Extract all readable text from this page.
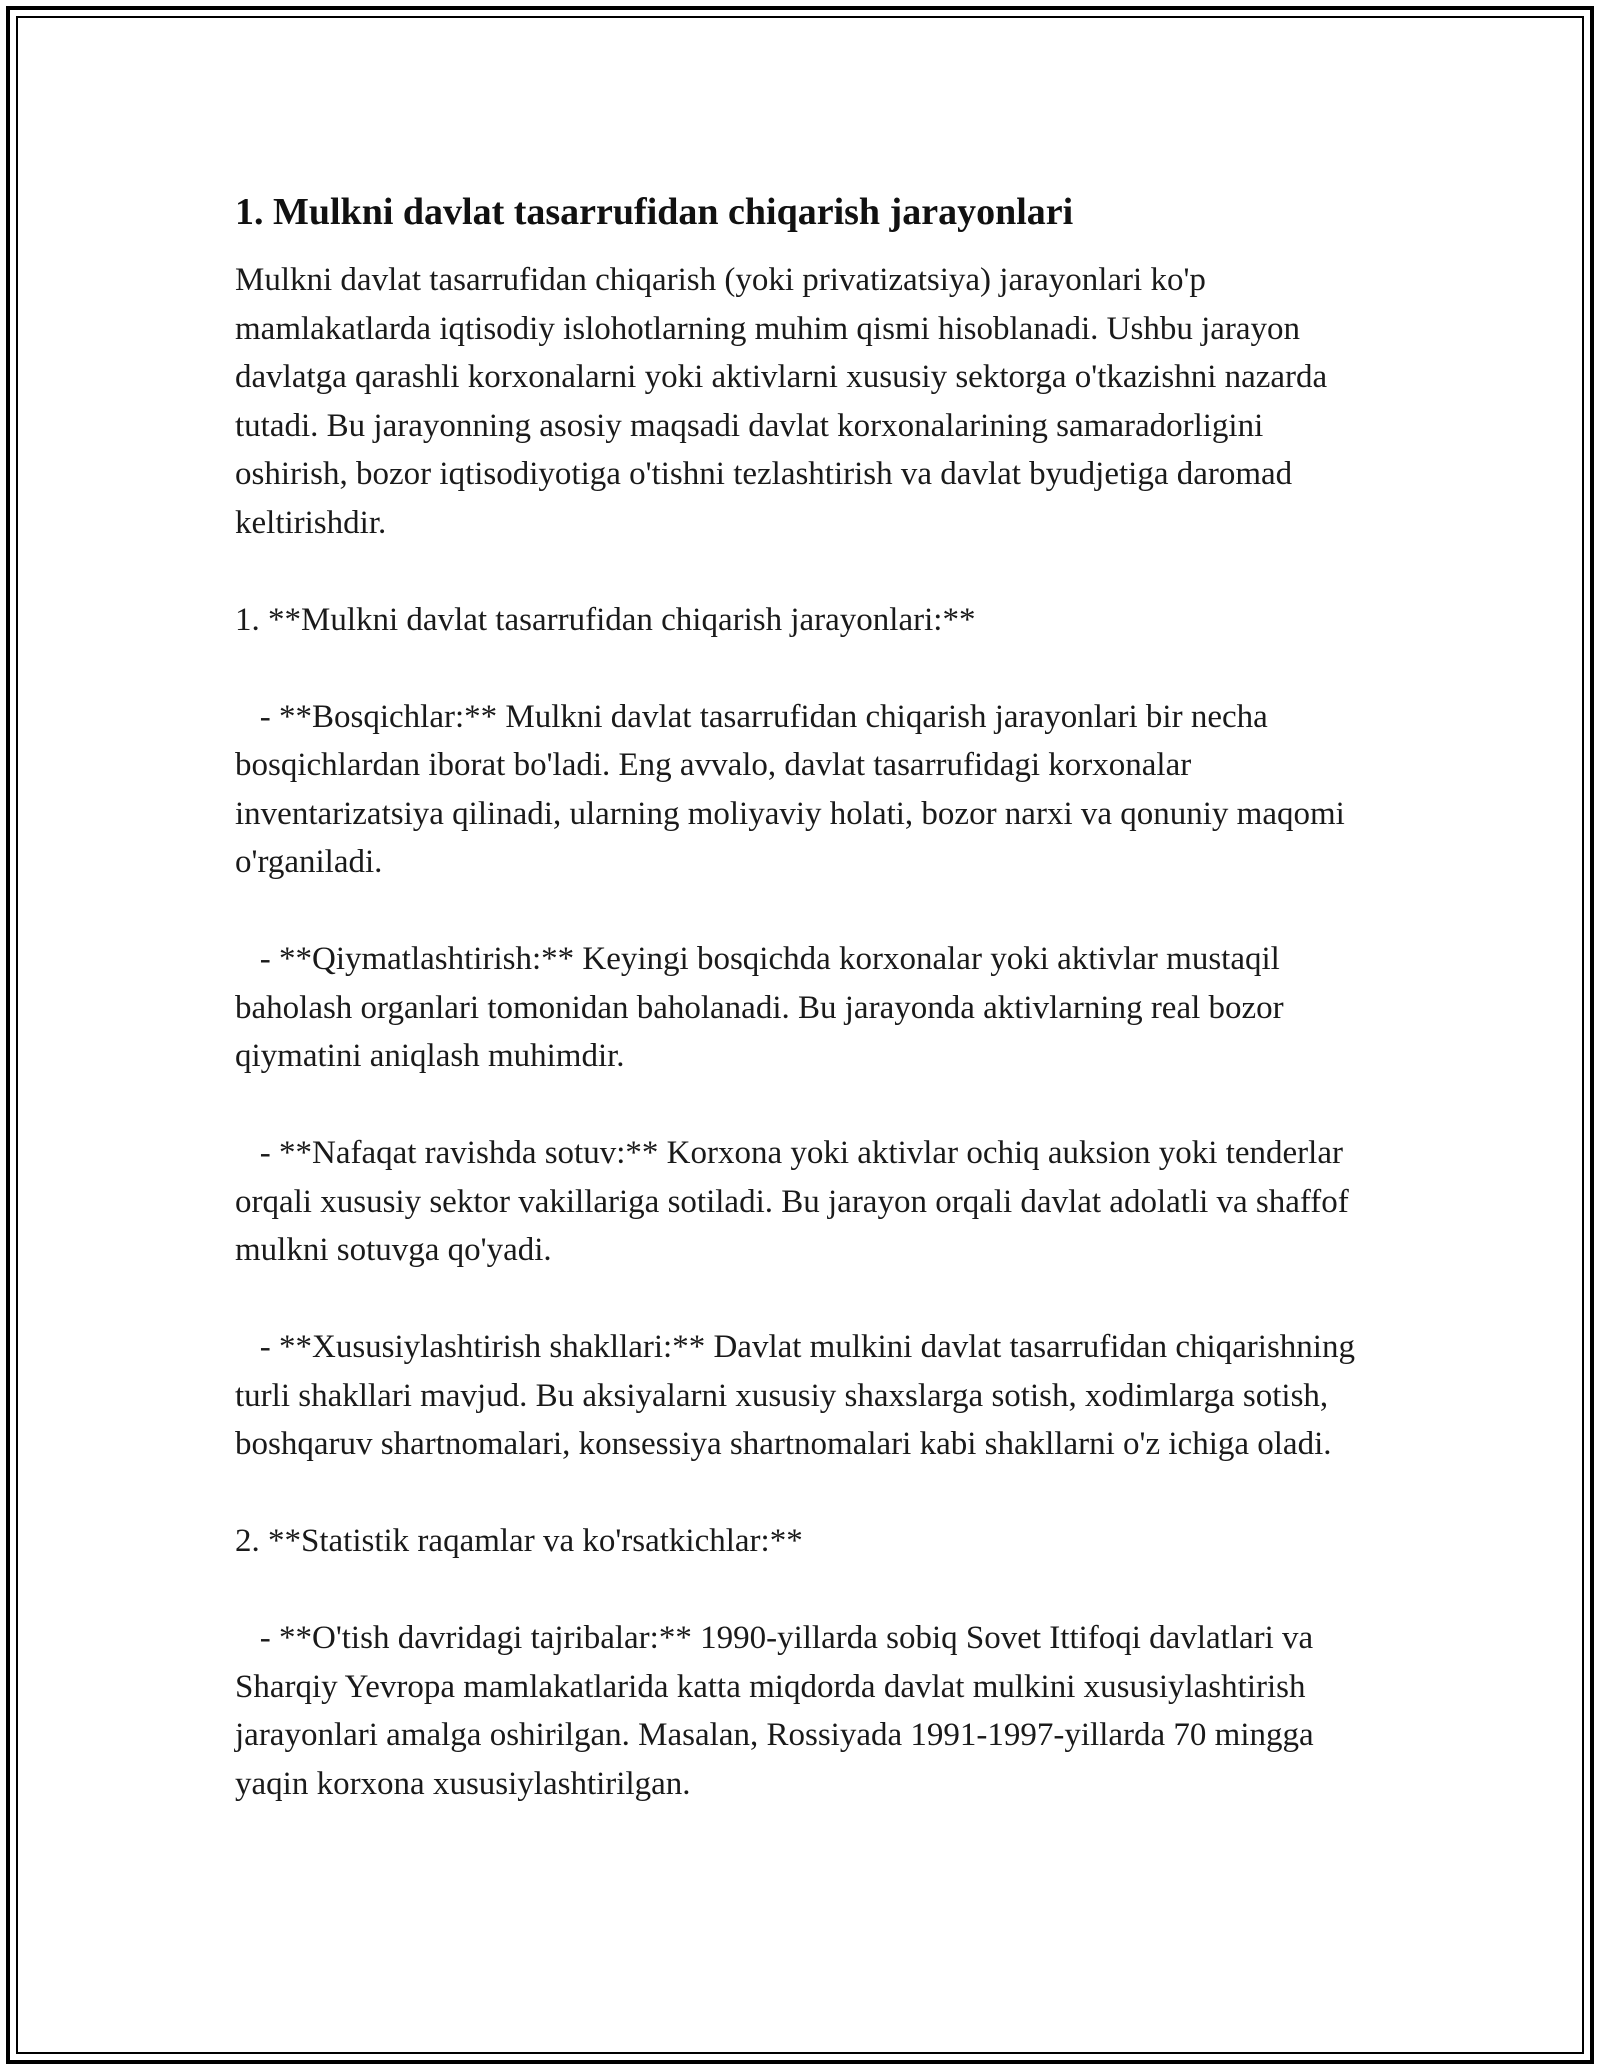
1. Mulkni davlat tasarrufidan chiqarish jarayonlari

Mulkni davlat tasarrufidan chiqarish (yoki privatizatsiya) jarayonlari ko'p mamlakatlarda iqtisodiy islohotlarning muhim qismi hisoblanadi. Ushbu jarayon davlatga qarashli korxonalarni yoki aktivlarni xususiy sektorga o'tkazishni nazarda tutadi. Bu jarayonning asosiy maqsadi davlat korxonalarining samaradorligini oshirish, bozor iqtisodiyotiga o'tishni tezlashtirish va davlat byudjetiga daromad keltirishdir.

1. **Mulkni davlat tasarrufidan chiqarish jarayonlari:**

- **Bosqichlar:** Mulkni davlat tasarrufidan chiqarish jarayonlari bir necha bosqichlardan iborat bo'ladi. Eng avvalo, davlat tasarrufidagi korxonalar inventarizatsiya qilinadi, ularning moliyaviy holati, bozor narxi va qonuniy maqomi o'rganiladi.

- **Qiymatlashtirish:** Keyingi bosqichda korxonalar yoki aktivlar mustaqil baholash organlari tomonidan baholanadi. Bu jarayonda aktivlarning real bozor qiymatini aniqlash muhimdir.

- **Nafaqat ravishda sotuv:** Korxona yoki aktivlar ochiq auksion yoki tenderlar orqali xususiy sektor vakillariga sotiladi. Bu jarayon orqali davlat adolatli va shaffof mulkni sotuvga qo'yadi.

- **Xususiylashtirish shakllari:** Davlat mulkini davlat tasarrufidan chiqarishning turli shakllari mavjud. Bu aksiyalarni xususiy shaxslarga sotish, xodimlarga sotish, boshqaruv shartnomalari, konsessiya shartnomalari kabi shakllarni o'z ichiga oladi.

2. **Statistik raqamlar va ko'rsatkichlar:**

- **O'tish davridagi tajribalar:** 1990-yillarda sobiq Sovet Ittifoqi davlatlari va Sharqiy Yevropa mamlakatlarida katta miqdorda davlat mulkini xususiylashtirish jarayonlari amalga oshirilgan. Masalan, Rossiyada 1991-1997-yillarda 70 mingga yaqin korxona xususiylashtirilgan.
